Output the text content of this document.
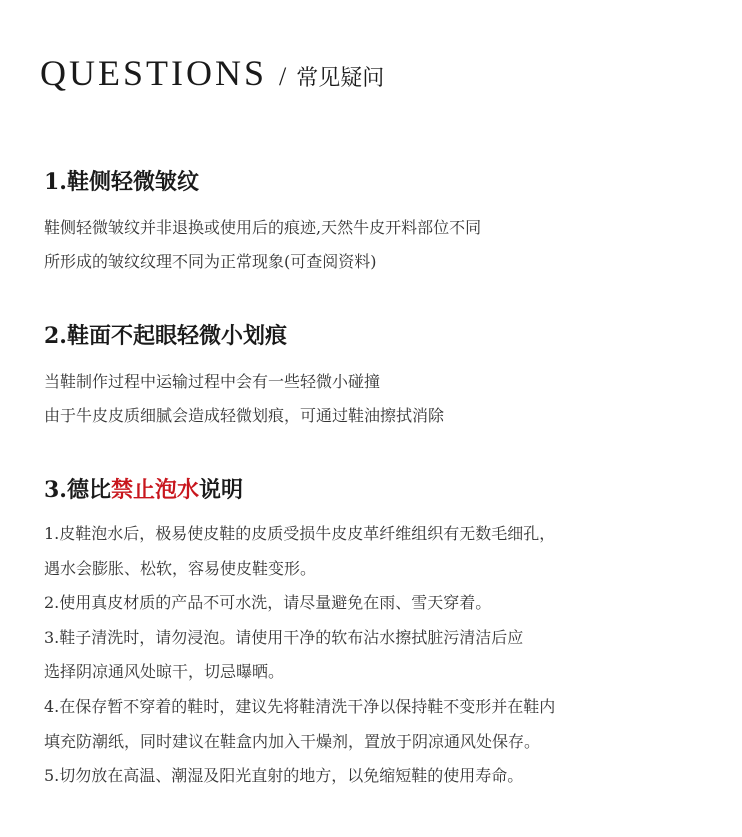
QUESTIONS / 常见疑问
1.鞋侧轻微皱纹
鞋侧轻微皱纹并非退换或使用后的痕迹,天然牛皮开料部位不同
所形成的皱纹纹理不同为正常现象(可查阅资料)
2.鞋面不起眼轻微小划痕
当鞋制作过程中运输过程中会有一些轻微小碰撞
由于牛皮皮质细腻会造成轻微划痕，可通过鞋油擦拭消除
3.德比禁止泡水说明
1.皮鞋泡水后，极易使皮鞋的皮质受损牛皮皮革纤维组织有无数毛细孔，
遇水会膨胀、松软，容易使皮鞋变形。
2.使用真皮材质的产品不可水洗，请尽量避免在雨、雪天穿着。
3.鞋子清洗时，请勿浸泡。请使用干净的软布沾水擦拭脏污清洁后应
选择阴凉通风处晾干，切忌曝晒。
4.在保存暂不穿着的鞋时，建议先将鞋清洗干净以保持鞋不变形并在鞋内
填充防潮纸，同时建议在鞋盒内加入干燥剂，置放于阴凉通风处保存。
5.切勿放在高温、潮湿及阳光直射的地方，以免缩短鞋的使用寿命。
